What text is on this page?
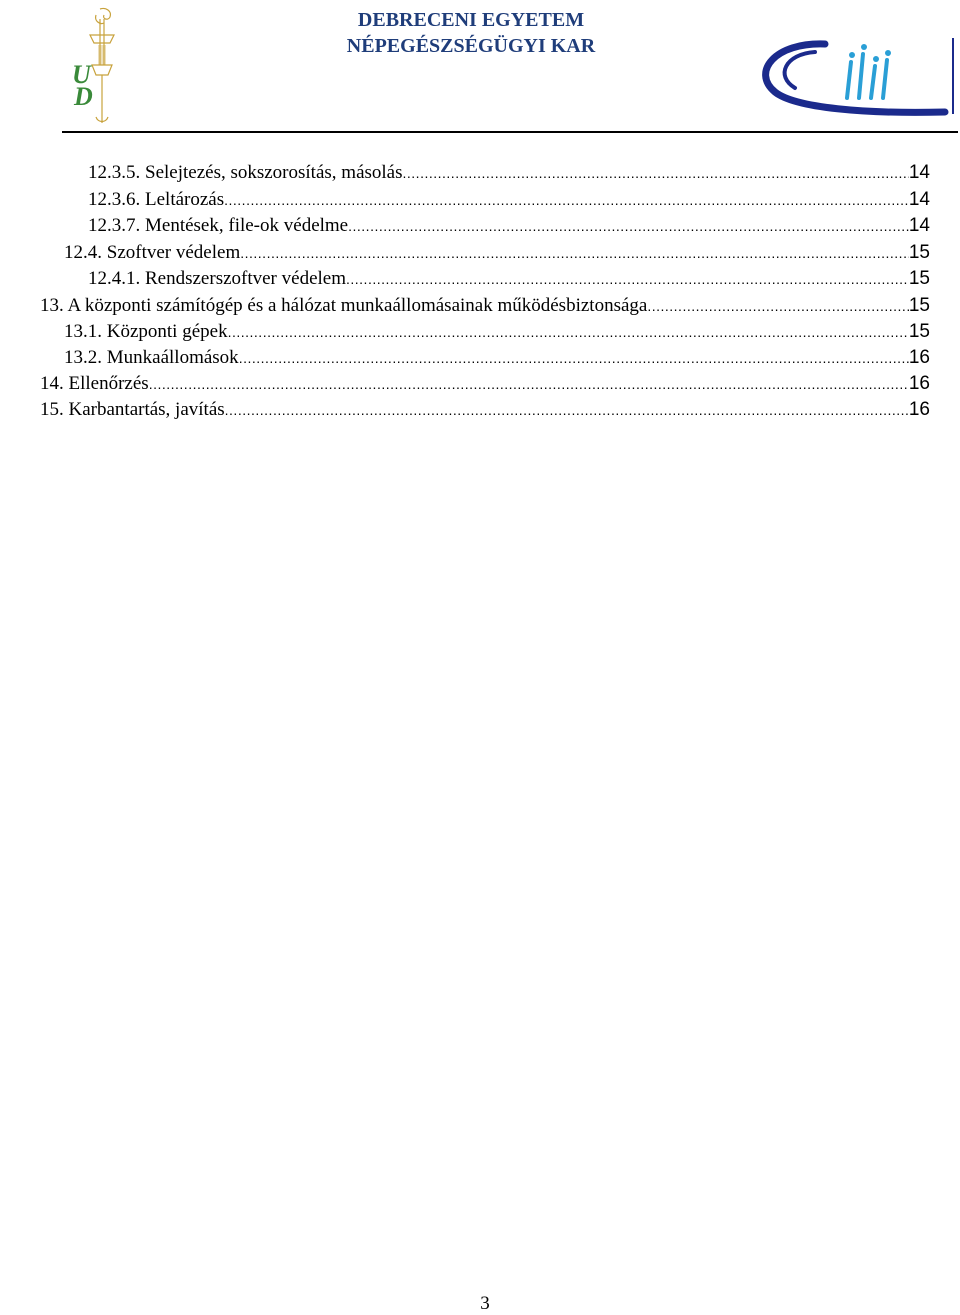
U
D
DEBRECENI EGYETEM
NÉPEGÉSZSÉGÜGYI KAR
12.3.5. Selejtezés, sokszorosítás, másolás .....	14
12.3.6. Leltározás .....	14
12.3.7. Mentések, file-ok védelme .....	14
12.4. Szoftver védelem .....	15
12.4.1. Rendszerszoftver védelem .....	15
13. A központi számítógép és a hálózat munkaállomásainak működésbiztonsága .....	15
13.1. Központi gépek .....	15
13.2. Munkaállomások .....	16
14. Ellenőrzés .....	16
15. Karbantartás, javítás .....	16
3
